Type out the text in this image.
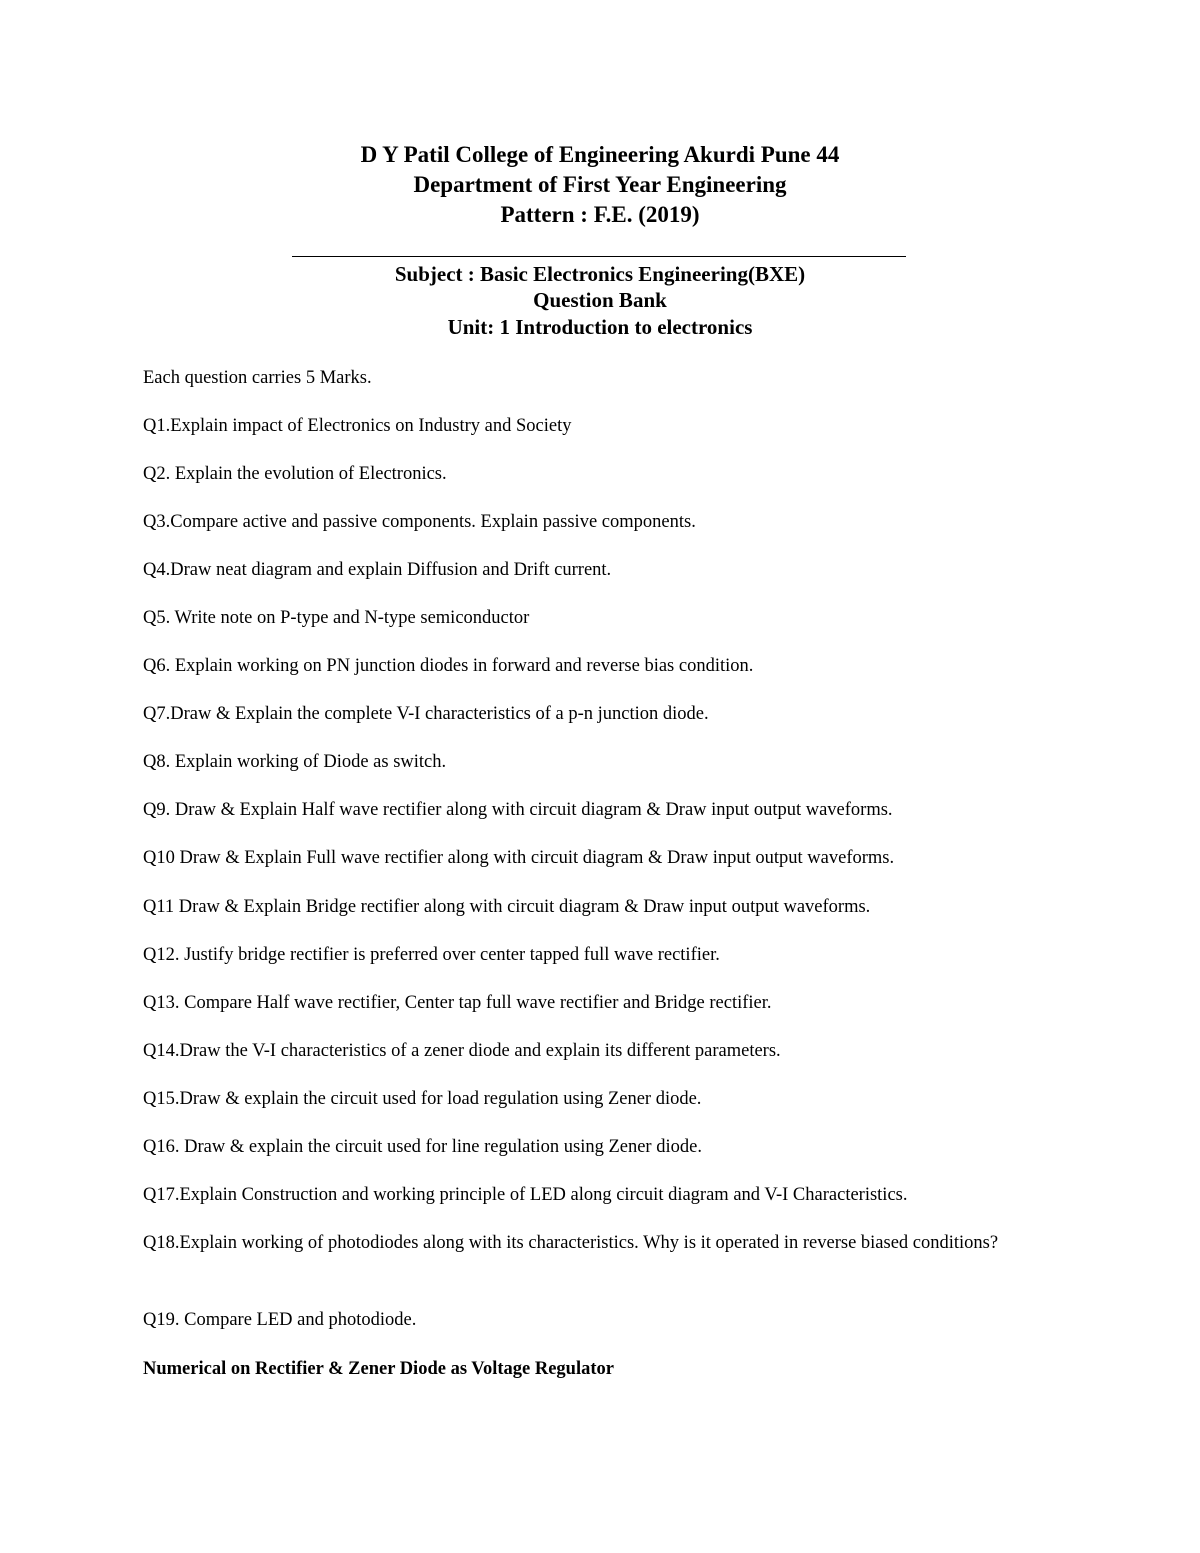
D Y Patil College of Engineering Akurdi Pune 44
Department of First Year Engineering
Pattern : F.E. (2019)
Subject : Basic Electronics Engineering(BXE)
Question Bank
Unit: 1 Introduction to electronics
Each question carries 5 Marks.
Q1.Explain impact of Electronics on Industry and Society
Q2. Explain the evolution of Electronics.
Q3.Compare active and passive components. Explain passive components.
Q4.Draw neat diagram and explain Diffusion and Drift current.
Q5. Write note on P-type and N-type semiconductor
Q6. Explain working on PN junction diodes in forward and reverse bias condition.
Q7.Draw & Explain the complete V-I characteristics of a p-n junction diode.
Q8. Explain working of Diode as switch.
Q9. Draw & Explain Half wave rectifier along with circuit diagram & Draw input output waveforms.
Q10 Draw & Explain Full wave rectifier along with circuit diagram & Draw input output waveforms.
Q11 Draw & Explain Bridge rectifier along with circuit diagram & Draw input output waveforms.
Q12. Justify bridge rectifier is preferred over center tapped full wave rectifier.
Q13. Compare Half wave rectifier, Center tap full wave rectifier and Bridge rectifier.
Q14.Draw the V-I characteristics of a zener diode and explain its different parameters.
Q15.Draw & explain the circuit used for load regulation using Zener diode.
Q16. Draw & explain the circuit used for line regulation using Zener diode.
Q17.Explain Construction and working principle of LED along circuit diagram and V-I Characteristics.
Q18.Explain working of photodiodes along with its characteristics. Why is it operated in reverse biased conditions?
Q19. Compare LED and photodiode.
Numerical on Rectifier & Zener Diode as Voltage Regulator
